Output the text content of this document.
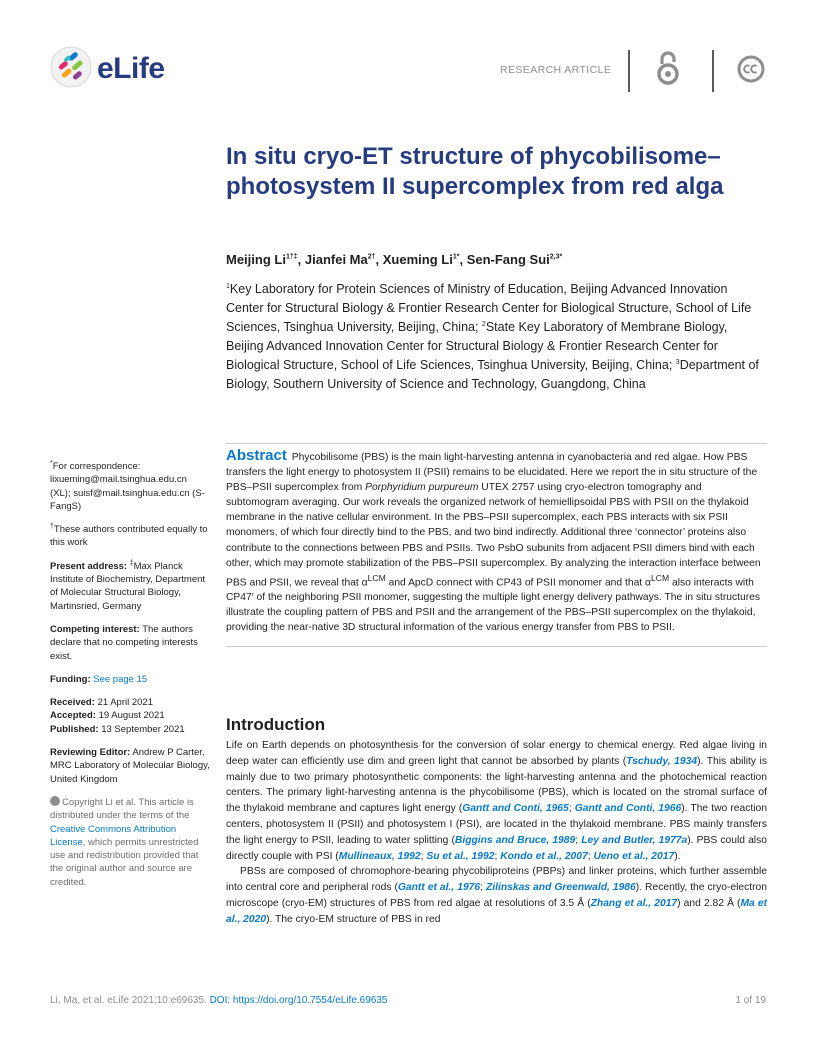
eLife	RESEARCH ARTICLE
In situ cryo-ET structure of phycobilisome–photosystem II supercomplex from red alga
Meijing $Li^{1\dagger\ddagger}$, Jianfei $Ma^{2\dagger}$, Xueming $Li^{1*}$, Sen-Fang Sui$^{2,3*}$
$^1$Key Laboratory for Protein Sciences of Ministry of Education, Beijing Advanced Innovation Center for Structural Biology & Frontier Research Center for Biological Structure, School of Life Sciences, Tsinghua University, Beijing, China; $^2$State Key Laboratory of Membrane Biology, Beijing Advanced Innovation Center for Structural Biology & Frontier Research Center for Biological Structure, School of Life Sciences, Tsinghua University, Beijing, China; $^3$Department of Biology, Southern University of Science and Technology, Guangdong, China
*For correspondence:
lixueming@mail.tsinghua.edu.cn (XL); suisf@mail.tsinghua.edu.cn (S-FangS)
†These authors contributed equally to this work
Present address: ‡Max Planck Institute of Biochemistry, Department of Molecular Structural Biology, Martinsried, Germany
Competing interest: The authors declare that no competing interests exist.
Funding: See page 15
Received: 21 April 2021
Accepted: 19 August 2021
Published: 13 September 2021
Reviewing Editor: Andrew P Carter, MRC Laboratory of Molecular Biology, United Kingdom
Copyright Li et al. This article is distributed under the terms of the Creative Commons Attribution License, which permits unrestricted use and redistribution provided that the original author and source are credited.
Abstract Phycobilisome (PBS) is the main light-harvesting antenna in cyanobacteria and red algae. How PBS transfers the light energy to photosystem II (PSII) remains to be elucidated. Here we report the in situ structure of the PBS–PSII supercomplex from Porphyridium purpureum UTEX 2757 using cryo-electron tomography and subtomogram averaging. Our work reveals the organized network of hemiellipsoidal PBS with PSII on the thylakoid membrane in the native cellular environment. In the PBS–PSII supercomplex, each PBS interacts with six PSII monomers, of which four directly bind to the PBS, and two bind indirectly. Additional three ‘connector’ proteins also contribute to the connections between PBS and PSIIs. Two PsbO subunits from adjacent PSII dimers bind with each other, which may promote stabilization of the PBS–PSII supercomplex. By analyzing the interaction interface between PBS and PSII, we reveal that $\alpha^{LCM}$ and ApcD connect with CP43 of PSII monomer and that $\alpha^{LCM}$ also interacts with CP47′ of the neighboring PSII monomer, suggesting the multiple light energy delivery pathways. The in situ structures illustrate the coupling pattern of PBS and PSII and the arrangement of the PBS–PSII supercomplex on the thylakoid, providing the near-native 3D structural information of the various energy transfer from PBS to PSII.
Introduction

Life on Earth depends on photosynthesis for the conversion of solar energy to chemical energy. Red algae living in deep water can efficiently use dim and green light that cannot be absorbed by plants (Tschudy, 1934). This ability is mainly due to two primary photosynthetic components: the light-harvesting antenna and the photochemical reaction centers. The primary light-harvesting antenna is the phycobilisome (PBS), which is located on the stromal surface of the thylakoid membrane and captures light energy (Gantt and Conti, 1965; Gantt and Conti, 1966). The two reaction centers, photosystem II (PSII) and photosystem I (PSI), are located in the thylakoid membrane. PBS mainly transfers the light energy to PSII, leading to water splitting (Biggins and Bruce, 1989; Ley and Butler, 1977a). PBS could also directly couple with PSI (Mullineaux, 1992; Su et al., 1992; Kondo et al., 2007; Ueno et al., 2017).

PBSs are composed of chromophore-bearing phycobiliproteins (PBPs) and linker proteins, which further assemble into central core and peripheral rods (Gantt et al., 1976; Zilinskas and Greenwald, 1986). Recently, the cryo-electron microscope (cryo-EM) structures of PBS from red algae at resolutions of 3.5 Å (Zhang et al., 2017) and 2.82 Å (Ma et al., 2020). The cryo-EM structure of PBS in red

Li, Ma, et al. eLife 2021;10:e69635. DOI: https://doi.org/10.7554/eLife.69635	1 of 19
